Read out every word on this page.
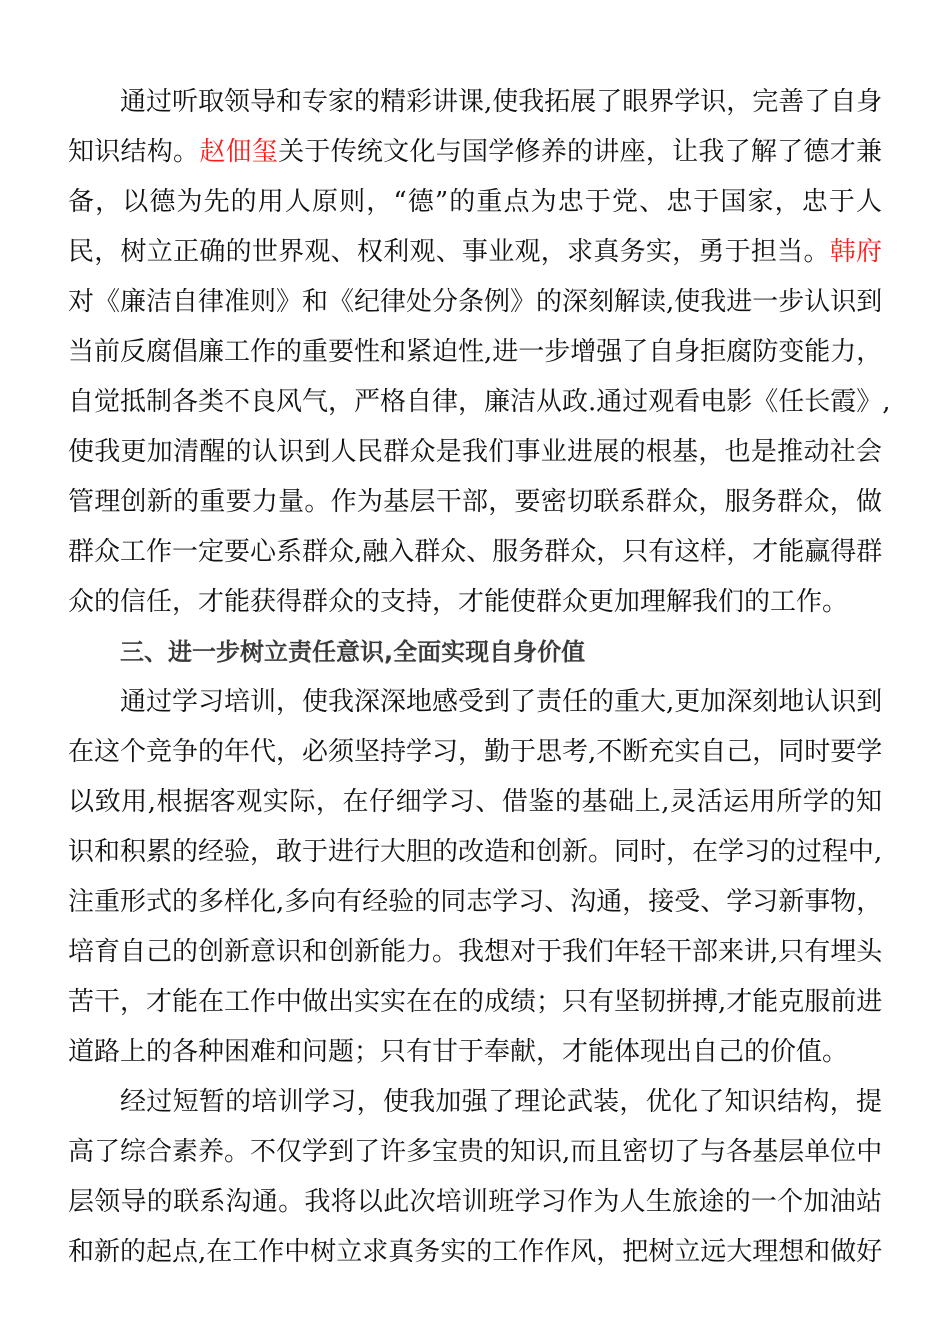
通过听取领导和专家的精彩讲课,使我拓展了眼界学识，完善了自身
知识结构。赵佃玺关于传统文化与国学修养的讲座，让我了解了德才兼
备，以德为先的用人原则，“德”的重点为忠于党、忠于国家，忠于人
民，树立正确的世界观、权利观、事业观，求真务实，勇于担当。韩府
对《廉洁自律准则》和《纪律处分条例》的深刻解读,使我进一步认识到
当前反腐倡廉工作的重要性和紧迫性,进一步增强了自身拒腐防变能力，
自觉抵制各类不良风气，严格自律，廉洁从政.通过观看电影《任长霞》,
使我更加清醒的认识到人民群众是我们事业进展的根基，也是推动社会
管理创新的重要力量。作为基层干部，要密切联系群众，服务群众，做
群众工作一定要心系群众,融入群众、服务群众，只有这样，才能赢得群
众的信任，才能获得群众的支持，才能使群众更加理解我们的工作。
三、进一步树立责任意识,全面实现自身价值
通过学习培训，使我深深地感受到了责任的重大,更加深刻地认识到
在这个竞争的年代，必须坚持学习，勤于思考,不断充实自己，同时要学
以致用,根据客观实际，在仔细学习、借鉴的基础上,灵活运用所学的知
识和积累的经验，敢于进行大胆的改造和创新。同时，在学习的过程中,
注重形式的多样化,多向有经验的同志学习、沟通，接受、学习新事物，
培育自己的创新意识和创新能力。我想对于我们年轻干部来讲,只有埋头
苦干，才能在工作中做出实实在在的成绩；只有坚韧拼搏,才能克服前进
道路上的各种困难和问题；只有甘于奉献，才能体现出自己的价值。
经过短暂的培训学习，使我加强了理论武装，优化了知识结构，提
高了综合素养。不仅学到了许多宝贵的知识,而且密切了与各基层单位中
层领导的联系沟通。我将以此次培训班学习作为人生旅途的一个加油站
和新的起点,在工作中树立求真务实的工作作风，把树立远大理想和做好
